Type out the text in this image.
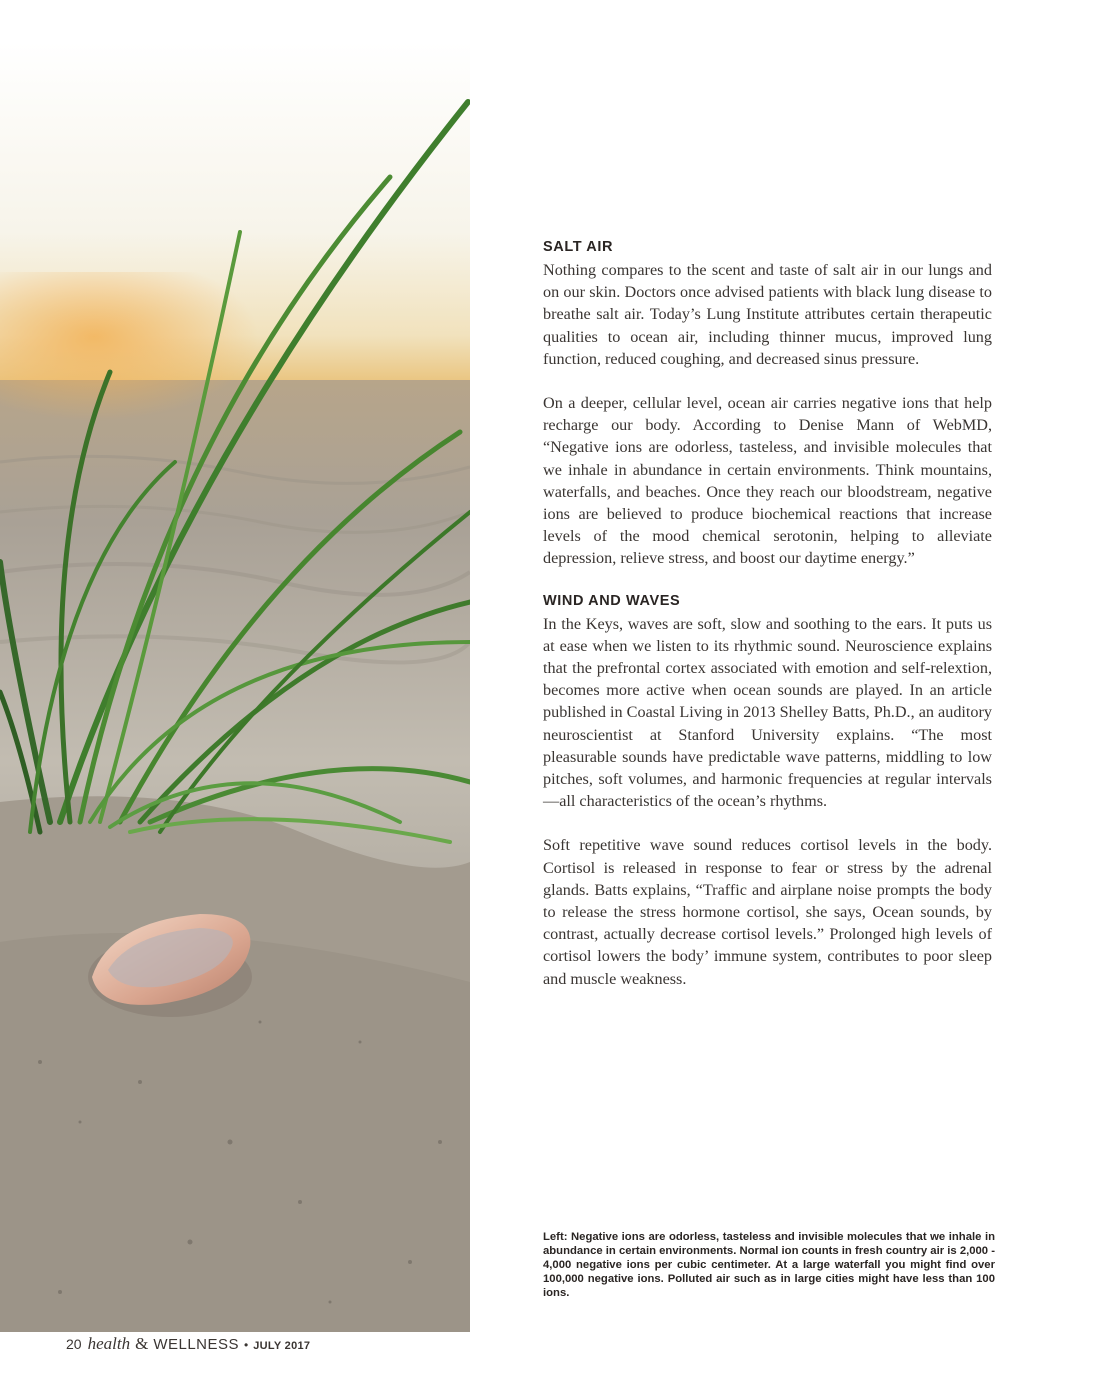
SALT AIR

Nothing compares to the scent and taste of salt air in our lungs and on our skin. Doctors once advised patients with black lung disease to breathe salt air. Today’s Lung Institute attributes certain therapeutic qualities to ocean air, including thinner mucus, improved lung function, reduced coughing, and decreased sinus pressure.

On a deeper, cellular level, ocean air carries negative ions that help recharge our body. According to Denise Mann of WebMD, “Negative ions are odorless, tasteless, and invisible molecules that we inhale in abundance in certain environments. Think mountains, waterfalls, and beaches. Once they reach our bloodstream, negative ions are believed to produce biochemical reactions that increase levels of the mood chemical serotonin, helping to alleviate depression, relieve stress, and boost our daytime energy.”

WIND AND WAVES

In the Keys, waves are soft, slow and soothing to the ears. It puts us at ease when we listen to its rhythmic sound. Neuroscience explains that the prefrontal cortex associated with emotion and self-relextion, becomes more active when ocean sounds are played. In an article published in Coastal Living in 2013 Shelley Batts, Ph.D., an auditory neuroscientist at Stanford University explains. “The most pleasurable sounds have predictable wave patterns, middling to low pitches, soft volumes, and harmonic frequencies at regular intervals—all characteristics of the ocean’s rhythms.

Soft repetitive wave sound reduces cortisol levels in the body. Cortisol is released in response to fear or stress by the adrenal glands. Batts explains, “Traffic and airplane noise prompts the body to release the stress hormone cortisol, she says, Ocean sounds, by contrast, actually decrease cortisol levels.” Prolonged high levels of cortisol lowers the body’ immune system, contributes to poor sleep and muscle weakness.

Left: Negative ions are odorless, tasteless and invisible molecules that we inhale in abundance in certain environments. Normal ion counts in fresh country air is 2,000 - 4,000 negative ions per cubic centimeter. At a large waterfall you might find over 100,000 negative ions. Polluted air such as in large cities might have less than 100 ions.
20 health & WELLNESS • JULY 2017
